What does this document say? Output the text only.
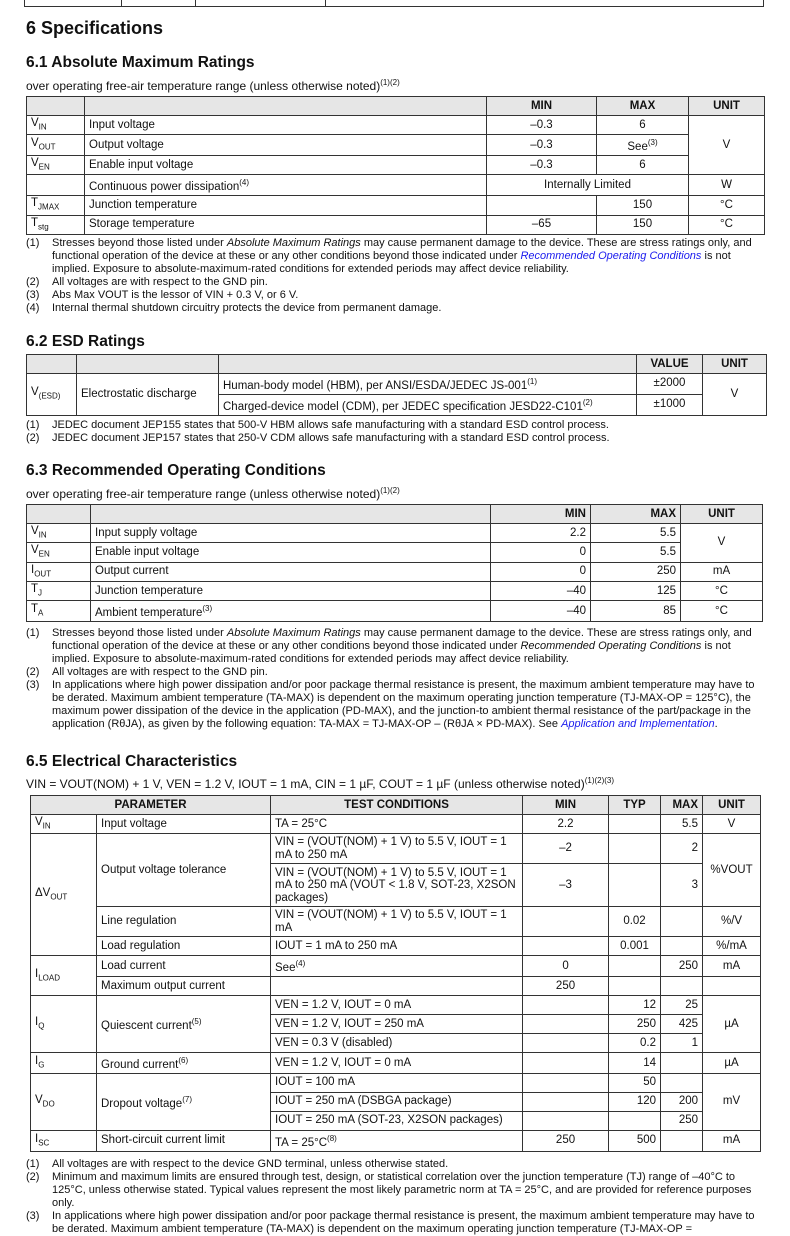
6 Specifications
6.1 Absolute Maximum Ratings
over operating free-air temperature range (unless otherwise noted)$^{(1)(2)}$
		MIN	MAX	UNIT
$V_{IN}$	Input voltage	–0.3	6	V
$V_{OUT}$	Output voltage	–0.3	See$^{(3)}$
$V_{EN}$	Enable input voltage	–0.3	6	
	Continuous power dissipation$^{(4)}$	Internally Limited		W
$T_{JMAX}$	Junction temperature		150	°C
$T_{stg}$	Storage temperature	–65	150	°C
(1)	Stresses beyond those listed under Absolute Maximum Ratings may cause permanent damage to the device. These are stress ratings only, and functional operation of the device at these or any other conditions beyond those indicated under Recommended Operating Conditions is not implied. Exposure to absolute-maximum-rated conditions for extended periods may affect device reliability.
(2)	All voltages are with respect to the GND pin.
(3)	Abs Max VOUT is the lessor of VIN + 0.3 V, or 6 V.
(4)	Internal thermal shutdown circuitry protects the device from permanent damage.
6.2 ESD Ratings
			VALUE	UNIT
$V_{(ESD)}$	Electrostatic discharge	Human-body model (HBM), per ANSI/ESDA/JEDEC $JS-001^{(1)}$	±2000	V
		Charged-device model (CDM), per JEDEC specification $JESD22-C101^{(2)}$	±1000	
(1)	JEDEC document JEP155 states that 500-V HBM allows safe manufacturing with a standard ESD control process.
(2)	JEDEC document JEP157 states that 250-V CDM allows safe manufacturing with a standard ESD control process.
6.3 Recommended Operating Conditions
over operating free-air temperature range (unless otherwise noted)$^{(1)(2)}$
		MIN	MAX	UNIT
$V_{IN}$	Input supply voltage	2.2	5.5	V
$V_{EN}$	Enable input voltage	0	5.5	
$I_{OUT}$	Output current	0	250	mA
$T_J$	Junction temperature	–40	125	°C
$T_A$	Ambient temperature$^{(3)}$	–40	85	°C
(1)	Stresses beyond those listed under Absolute Maximum Ratings may cause permanent damage to the device. These are stress ratings only, and functional operation of the device at these or any other conditions beyond those indicated under Recommended Operating Conditions is not implied. Exposure to absolute-maximum-rated conditions for extended periods may affect device reliability.
(2)	All voltages are with respect to the GND pin.
(3)	In applications where high power dissipation and/or poor package thermal resistance is present, the maximum ambient temperature may have to be derated. Maximum ambient temperature (TA-MAX) is dependent on the maximum operating junction temperature (TJ-MAX-OP = 125°C), the maximum power dissipation of the device in the application (PD-MAX), and the junction-to ambient thermal resistance of the part/package in the application (RθJA), as given by the following equation: TA-MAX = TJ-MAX-OP – (RθJA × PD-MAX). See Application and Implementation.
6.5 Electrical Characteristics
VIN = VOUT(NOM) + 1 V, VEN = 1.2 V, IOUT = 1 mA, CIN = 1 µF, COUT = 1 µF (unless otherwise noted)$^{(1)(2)(3)}$
PARAMETER		TEST CONDITIONS	MIN	TYP	MAX	UNIT
$V_{IN}$	Input voltage	TA = 25°C	2.2		5.5	V
$\Delta V_{OUT}$	Output voltage tolerance	VIN = (VOUT(NOM) + 1 V) to 5.5 V, IOUT = 1 mA to 250 mA	–2		2	%VOUT
		VIN = (VOUT(NOM) + 1 V) to 5.5 V, IOUT = 1 mA to 250 mA (VOUT < 1.8 V, SOT-23, X2SON packages)	–3		3	
	Line regulation	VIN = (VOUT(NOM) + 1 V) to 5.5 V, IOUT = 1 mA		0.02		%/V
	Load regulation	IOUT = 1 mA to 250 mA		0.001		%/mA
$I_{LOAD}$	Load current	See$^{(4)}$	0		250	mA
	Maximum output current		250			
$I_Q$	Quiescent current$^{(5)}$	VEN = 1.2 V, IOUT = 0 mA		12	25	µA
		VEN = 1.2 V, IOUT = 250 mA		250	425	
		VEN = 0.3 V (disabled)		0.2	1	
$I_G$	Ground current$^{(6)}$	VEN = 1.2 V, IOUT = 0 mA		14		µA
$V_{DO}$	Dropout voltage$^{(7)}$	IOUT = 100 mA		50		mV
		IOUT = 250 mA (DSBGA package)		120	200	
		IOUT = 250 mA (SOT-23, X2SON packages)			250	
$I_{SC}$	Short-circuit current limit	TA = $25^\circ C^{(8)}$	250	500		mA
(1)	All voltages are with respect to the device GND terminal, unless otherwise stated.
(2)	Minimum and maximum limits are ensured through test, design, or statistical correlation over the junction temperature (TJ) range of –40°C to 125°C, unless otherwise stated. Typical values represent the most likely parametric norm at TA = 25°C, and are provided for reference purposes only.
(3)	In applications where high power dissipation and/or poor package thermal resistance is present, the maximum ambient temperature may have to be derated. Maximum ambient temperature (TA-MAX) is dependent on the maximum operating junction temperature (TJ-MAX-OP =
